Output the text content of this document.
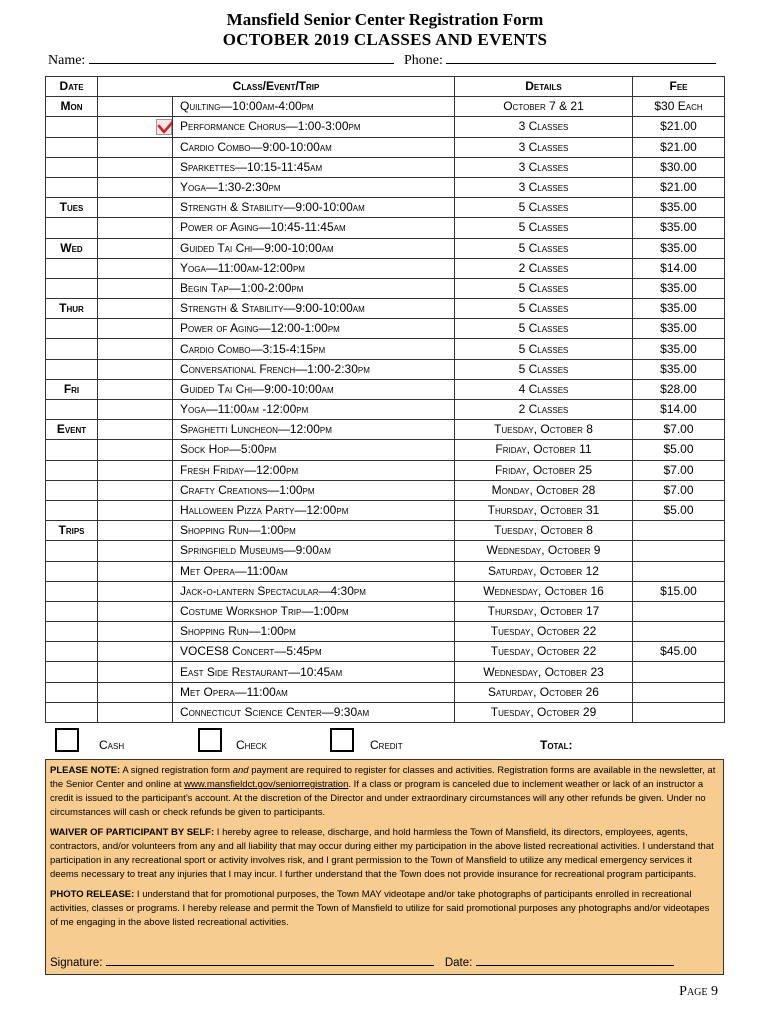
Mansfield Senior Center Registration Form
OCTOBER 2019 CLASSES AND EVENTS
Name:	Phone:
Date	Class/Event/Trip		Details	Fee
Mon		Quilting—10:00am-4:00pm	October 7 & 21	$30 Each

	Performance Chorus—1:00-3:00pm	3 Classes	$21.00
		Cardio Combo—9:00-10:00am	3 Classes	$21.00
		Sparkettes—10:15-11:45am	3 Classes	$30.00
		Yoga—1:30-2:30pm	3 Classes	$21.00
Tues		Strength & Stability—9:00-10:00am	5 Classes	$35.00
		Power of Aging—10:45-11:45am	5 Classes	$35.00
Wed		Guided Tai Chi—9:00-10:00am	5 Classes	$35.00
		Yoga—11:00am-12:00pm	2 Classes	$14.00
		Begin Tap—1:00-2:00pm	5 Classes	$35.00
Thur		Strength & Stability—9:00-10:00am	5 Classes	$35.00
		Power of Aging—12:00-1:00pm	5 Classes	$35.00
		Cardio Combo—3:15-4:15pm	5 Classes	$35.00
		Conversational French—1:00-2:30pm	5 Classes	$35.00
Fri		Guided Tai Chi—9:00-10:00am	4 Classes	$28.00
		Yoga—11:00am -12:00pm	2 Classes	$14.00
Event		Spaghetti Luncheon—12:00pm	Tuesday, October 8	$7.00
		Sock Hop—5:00pm	Friday, October 11	$5.00
		Fresh Friday—12:00pm	Friday, October 25	$7.00
		Crafty Creations—1:00pm	Monday, October 28	$7.00
		Halloween Pizza Party—12:00pm	Thursday, October 31	$5.00
Trips		Shopping Run—1:00pm	Tuesday, October 8	
		Springfield Museums—9:00am	Wednesday, October 9	
		Met Opera—11:00am	Saturday, October 12	
		Jack-o-lantern Spectacular—4:30pm	Wednesday, October 16	$15.00
		Costume Workshop Trip—1:00pm	Thursday, October 17	
		Shopping Run—1:00pm	Tuesday, October 22	
		VOCES8 Concert—5:45pm	Tuesday, October 22	$45.00
		East Side Restaurant—10:45am	Wednesday, October 23	
		Met Opera—11:00am	Saturday, October 26	
		Connecticut Science Center—9:30am	Tuesday, October 29	
Cash	Check	Credit	Total:

PLEASE NOTE: A signed registration form and payment are required to register for classes and activities. Registration forms are available in the newsletter, at the Senior Center and online at www.mansfieldct.gov/seniorregistration. If a class or program is canceled due to inclement weather or lack of an instructor a credit is issued to the participant’s account. At the discretion of the Director and under extraordinary circumstances will any other refunds be given. Under no circumstances will cash or check refunds be given to participants.

WAIVER OF PARTICIPANT BY SELF: I hereby agree to release, discharge, and hold harmless the Town of Mansfield, its directors, employees, agents, contractors, and/or volunteers from any and all liability that may occur during either my participation in the above listed recreational activities. I understand that participation in any recreational sport or activity involves risk, and I grant permission to the Town of Mansfield to utilize any medical emergency services it deems necessary to treat any injuries that I may incur. I further understand that the Town does not provide insurance for recreational program participants.

PHOTO RELEASE: I understand that for promotional purposes, the Town MAY videotape and/or take photographs of participants enrolled in recreational activities, classes or programs. I hereby release and permit the Town of Mansfield to utilize for said promotional purposes any photographs and/or videotapes of me engaging in the above listed recreational activities.

Signature:	Date:
Page 9
